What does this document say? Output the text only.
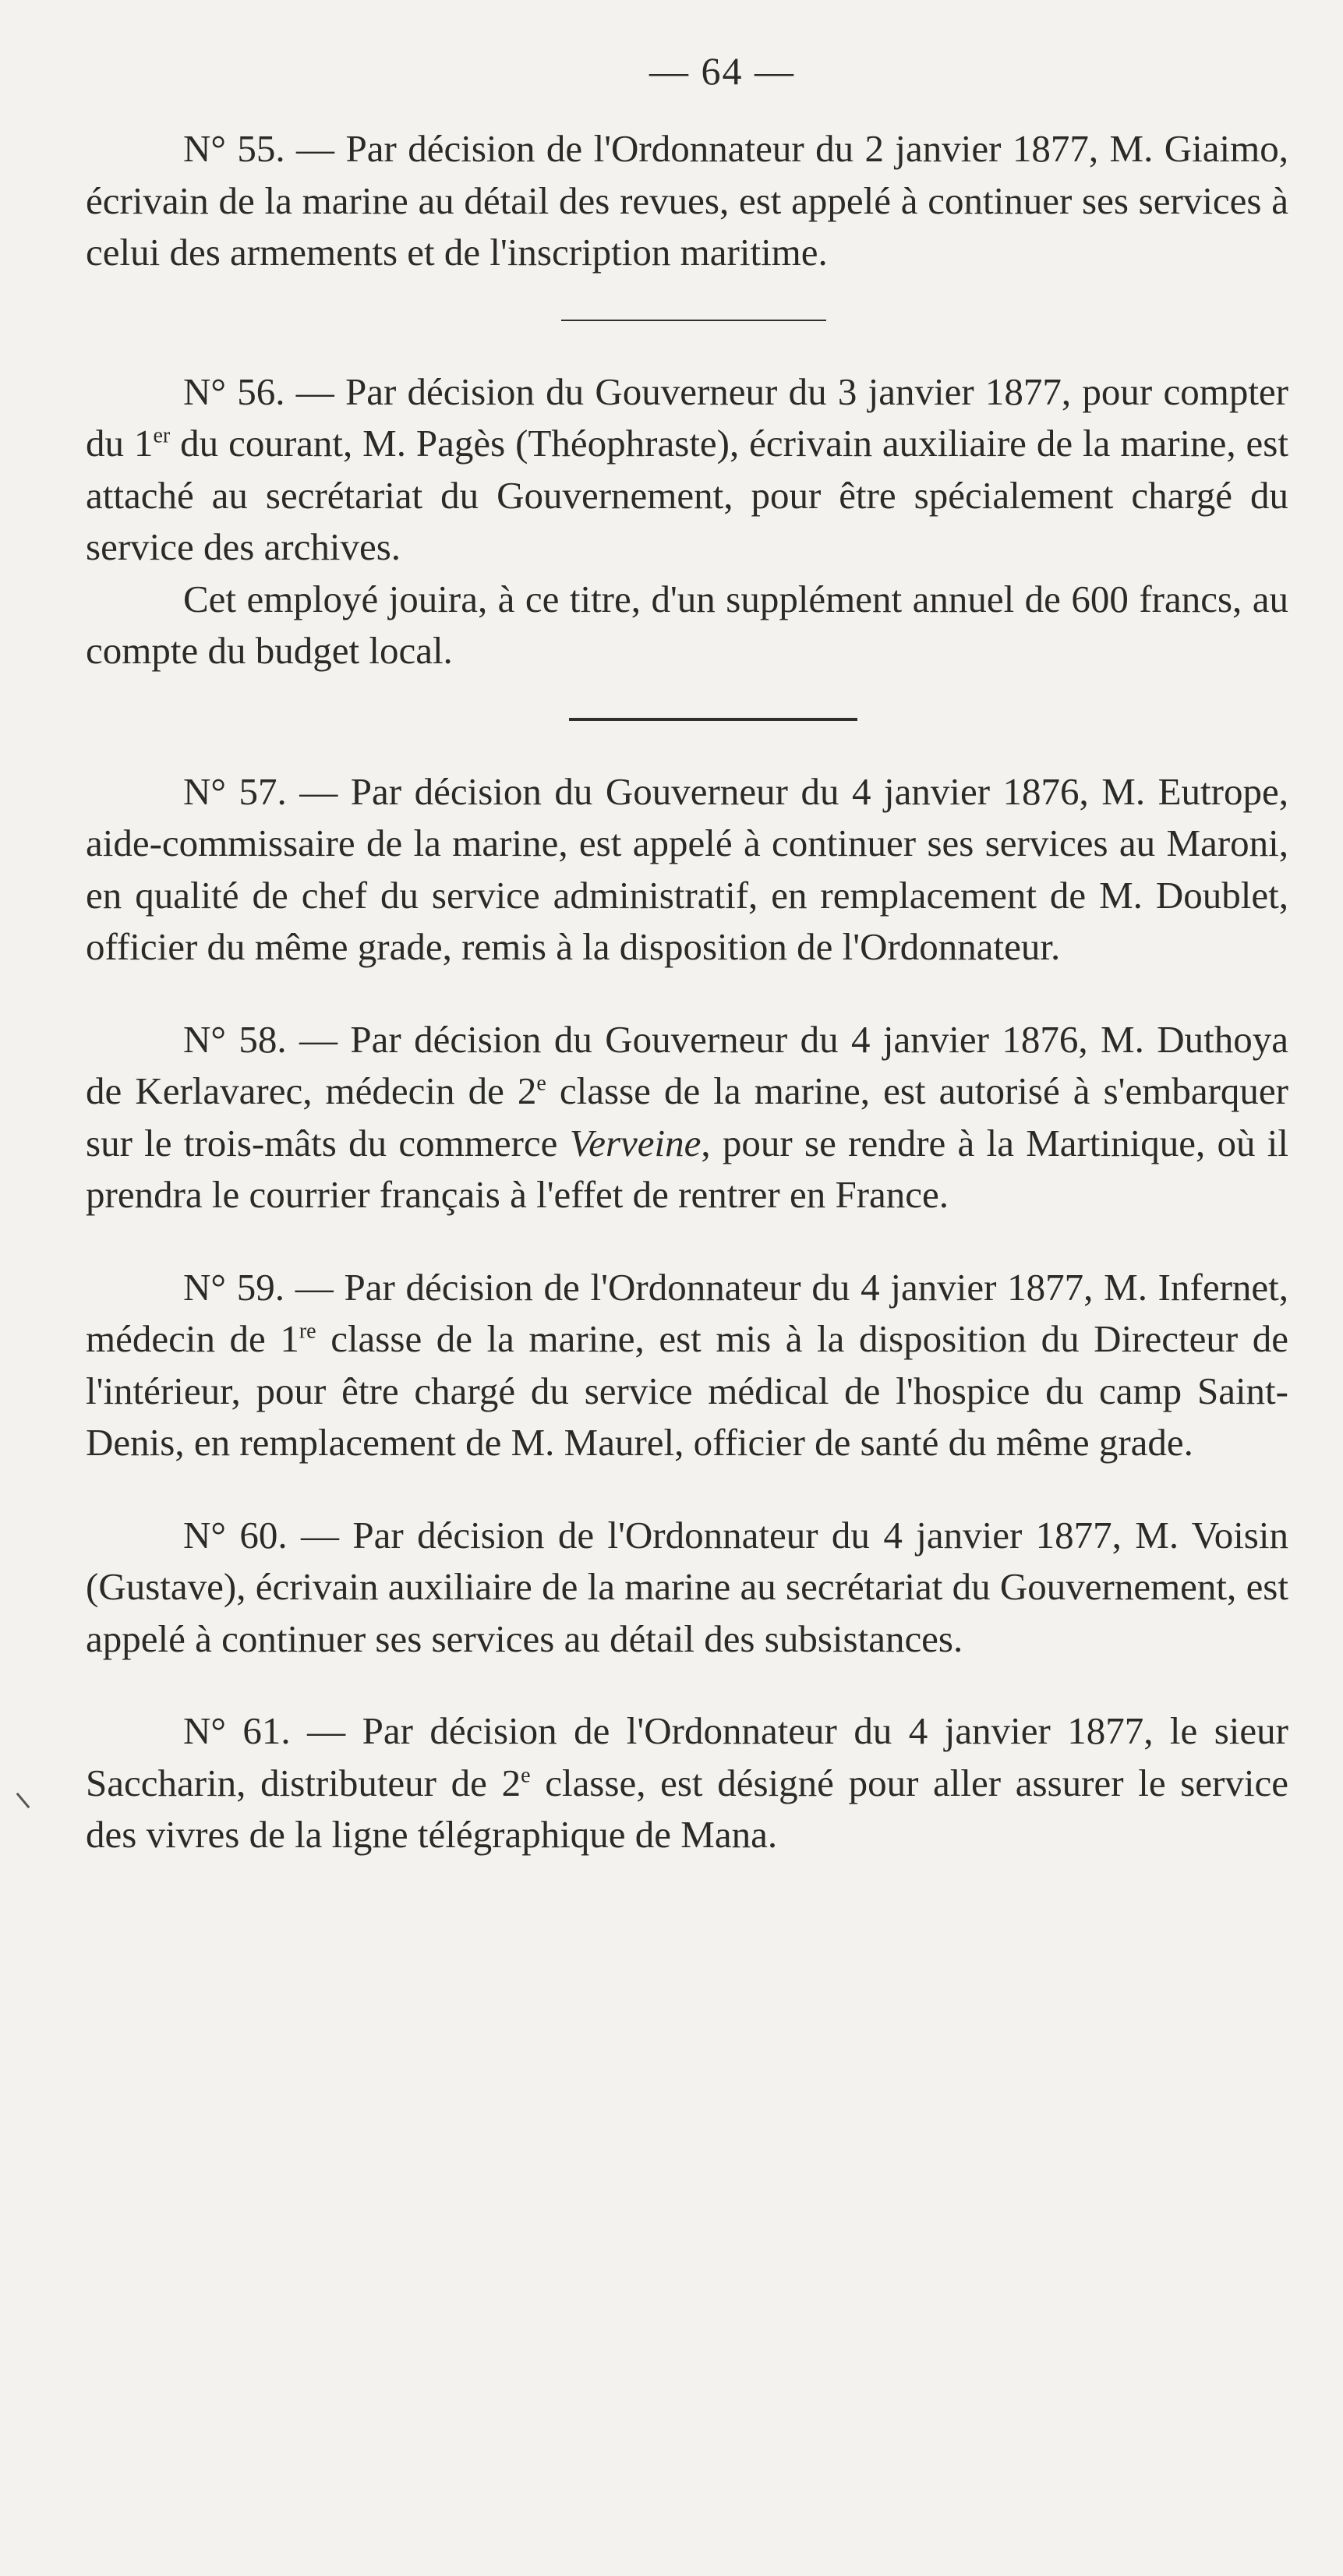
— 64 —

N° 55. — Par décision de l'Ordonnateur du 2 janvier 1877, M. Giaimo, écrivain de la marine au détail des revues, est appelé à continuer ses services à celui des armements et de l'inscription maritime.

N° 56. — Par décision du Gouverneur du 3 janvier 1877, pour compter du 1er du courant, M. Pagès (Théophraste), écrivain auxiliaire de la marine, est attaché au secrétariat du Gouvernement, pour être spécialement chargé du service des archives.

Cet employé jouira, à ce titre, d'un supplément annuel de 600 francs, au compte du budget local.

N° 57. — Par décision du Gouverneur du 4 janvier 1876, M. Eutrope, aide-commissaire de la marine, est appelé à continuer ses services au Maroni, en qualité de chef du service administratif, en remplacement de M. Doublet, officier du même grade, remis à la disposition de l'Ordonnateur.

N° 58. — Par décision du Gouverneur du 4 janvier 1876, M. Duthoya de Kerlavarec, médecin de 2e classe de la marine, est autorisé à s'embarquer sur le trois-mâts du commerce Verveine, pour se rendre à la Martinique, où il prendra le courrier français à l'effet de rentrer en France.

N° 59. — Par décision de l'Ordonnateur du 4 janvier 1877, M. Infernet, médecin de 1re classe de la marine, est mis à la disposition du Directeur de l'intérieur, pour être chargé du service médical de l'hospice du camp Saint-Denis, en remplacement de M. Maurel, officier de santé du même grade.

N° 60. — Par décision de l'Ordonnateur du 4 janvier 1877, M. Voisin (Gustave), écrivain auxiliaire de la marine au secrétariat du Gouvernement, est appelé à continuer ses services au détail des subsistances.

N° 61. — Par décision de l'Ordonnateur du 4 janvier 1877, le sieur Saccharin, distributeur de 2e classe, est désigné pour aller assurer le service des vivres de la ligne télégraphique de Mana.
